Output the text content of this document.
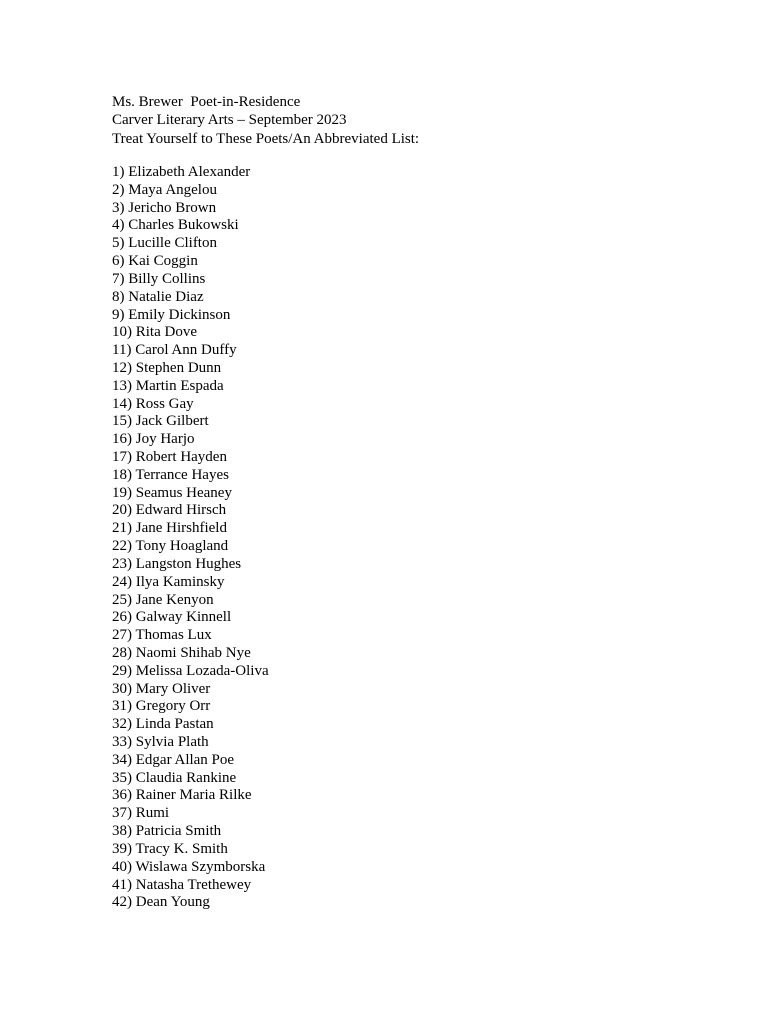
Ms. Brewer  Poet-in-Residence
Carver Literary Arts – September 2023
Treat Yourself to These Poets/An Abbreviated List:
1) Elizabeth Alexander
2) Maya Angelou
3) Jericho Brown
4) Charles Bukowski
5) Lucille Clifton
6) Kai Coggin
7) Billy Collins
8) Natalie Diaz
9) Emily Dickinson
10) Rita Dove
11) Carol Ann Duffy
12) Stephen Dunn
13) Martin Espada
14) Ross Gay
15) Jack Gilbert
16) Joy Harjo
17) Robert Hayden
18) Terrance Hayes
19) Seamus Heaney
20) Edward Hirsch
21) Jane Hirshfield
22) Tony Hoagland
23) Langston Hughes
24) Ilya Kaminsky
25) Jane Kenyon
26) Galway Kinnell
27) Thomas Lux
28) Naomi Shihab Nye
29) Melissa Lozada-Oliva
30) Mary Oliver
31) Gregory Orr
32) Linda Pastan
33) Sylvia Plath
34) Edgar Allan Poe
35) Claudia Rankine
36) Rainer Maria Rilke
37) Rumi
38) Patricia Smith
39) Tracy K. Smith
40) Wislawa Szymborska
41) Natasha Trethewey
42) Dean Young
